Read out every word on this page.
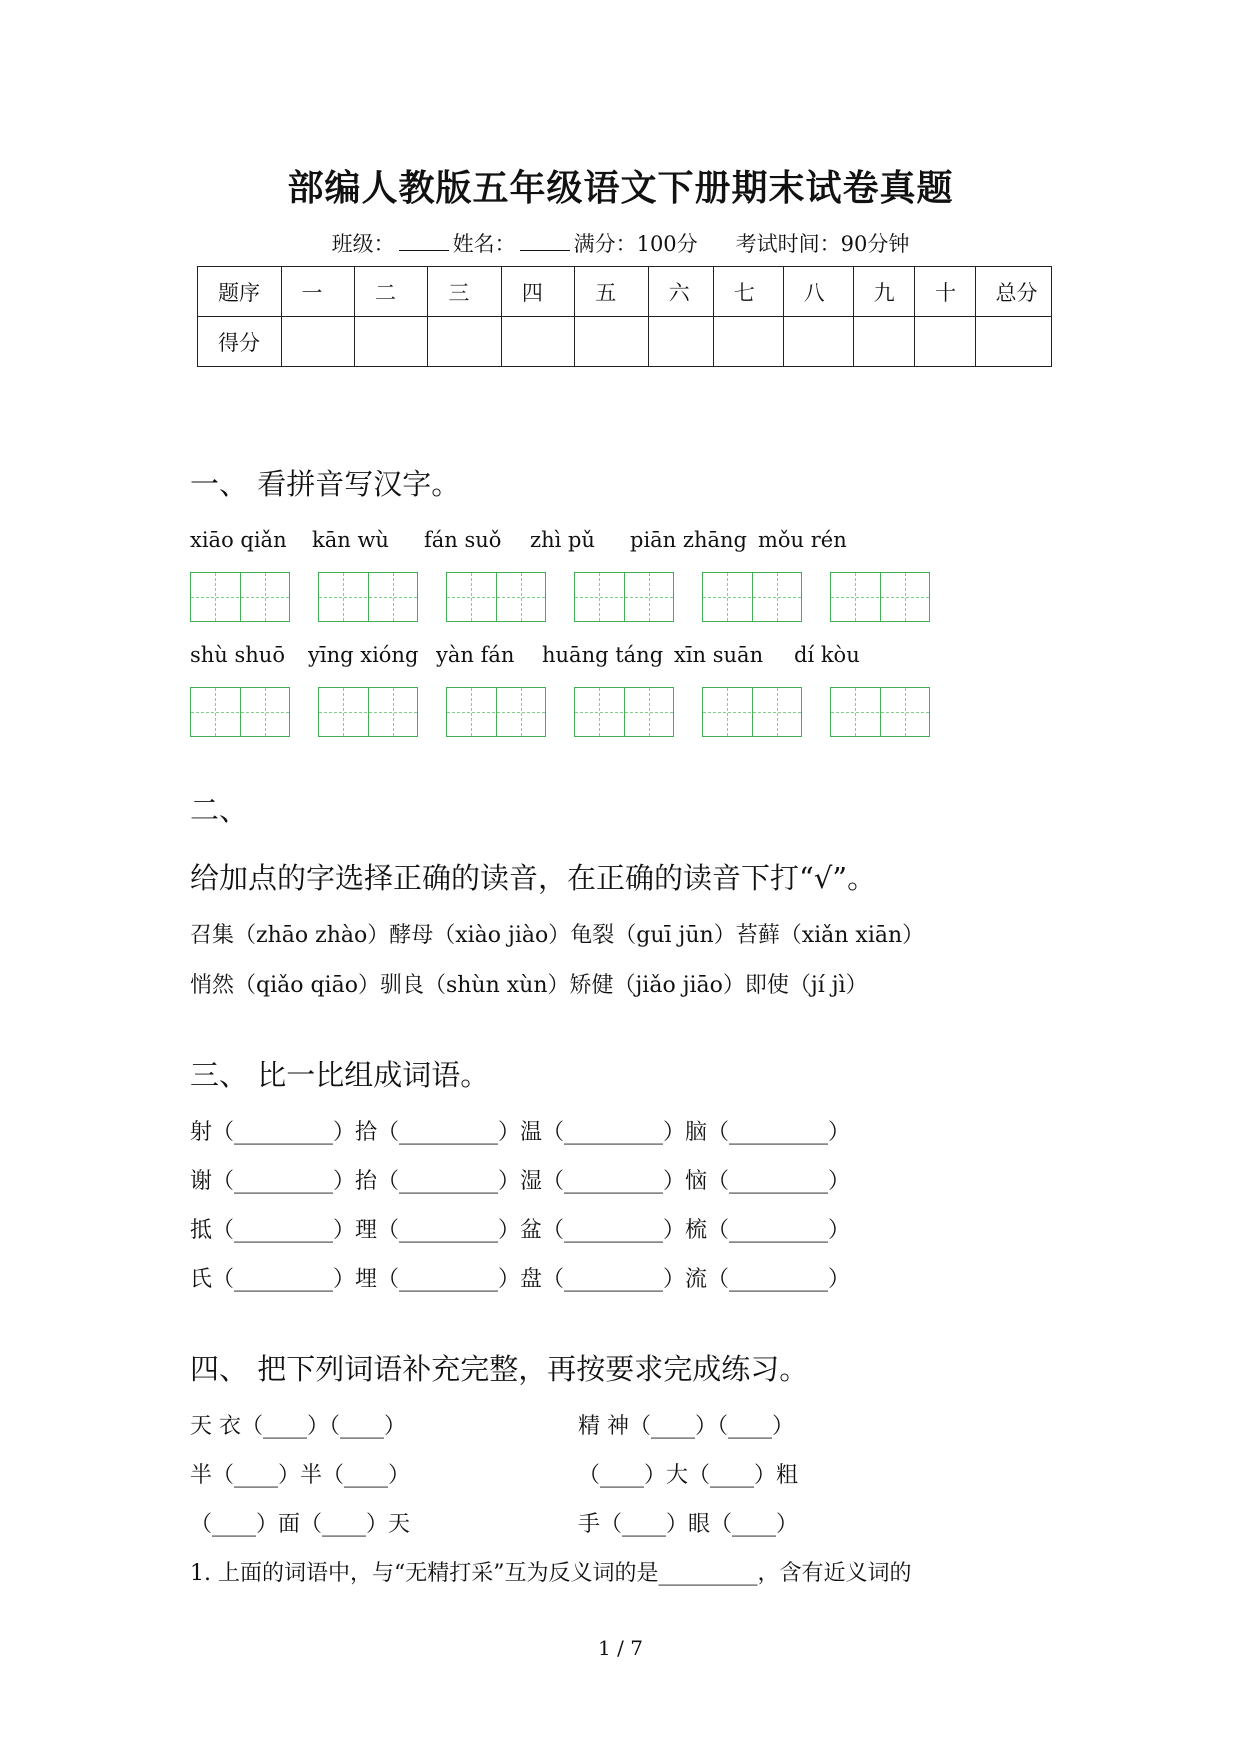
部编人教版五年级语文下册期末试卷真题
班级：	姓名：	满分：100分 考试时间：90分钟
题序	一	二	三	四	五	六	七	八	九	十	总分
得分											
一、 看拼音写汉字。
xiāo qiǎn kān wù fán suǒ zhì pǔ piān zhāng mǒu rén
shù shuō yīng xióng yàn fán huāng táng xīn suān dí kòu
二、
给加点的字选择正确的读音，在正确的读音下打“√”。
召集（zhāo zhào）酵母（xiào jiào）龟裂（guī jūn）苔藓（xiǎn xiān）
悄然（qiǎo qiāo）驯良（shùn xùn）矫健（jiǎo jiāo）即使（jí jì）
三、 比一比组成词语。
射（_________）拾（_________）温（_________）脑（_________）
谢（_________）抬（_________）湿（_________）恼（_________）
抵（_________）理（_________）盆（_________）梳（_________）
氏（_________）埋（_________）盘（_________）流（_________）
四、 把下列词语补充完整，再按要求完成练习。
天 衣（____）（____）	精 神（____）（____）
半（____）半（____）	（____）大（____）粗
（____）面（____）天	手（____）眼（____）
1. 上面的词语中，与“无精打采”互为反义词的是_________，含有近义词的
1 / 7
